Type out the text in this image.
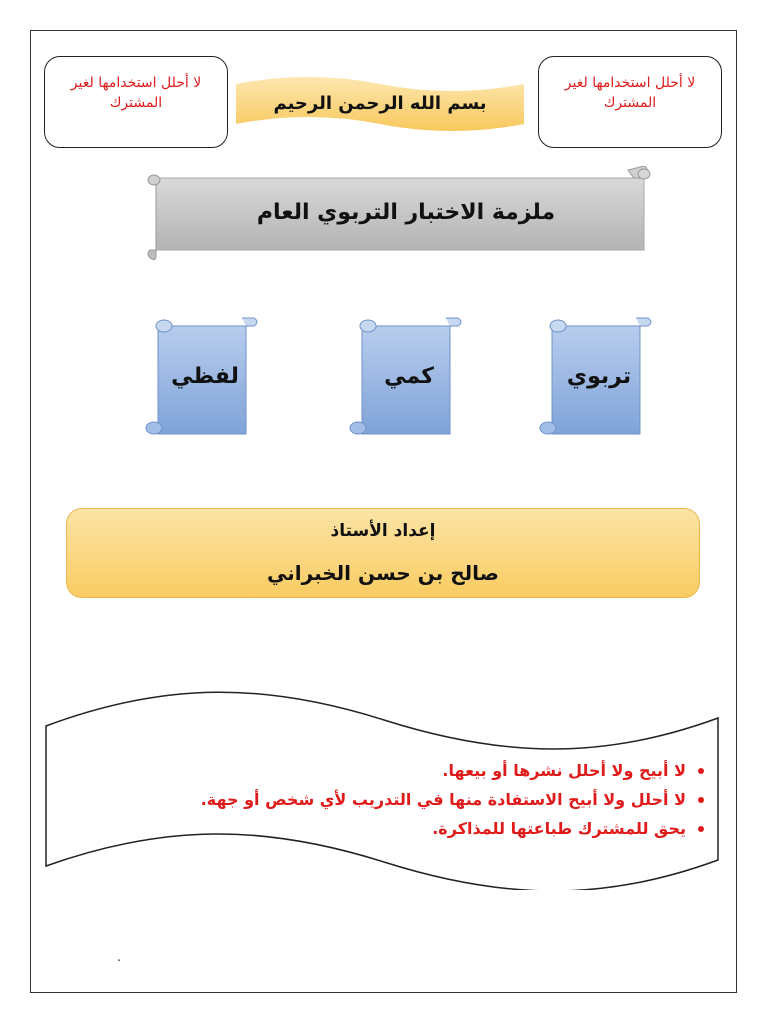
لا أحلل استخدامها لغير المشترك
لا أحلل استخدامها لغير المشترك
بسم الله الرحمن الرحيم
ملزمة الاختبار التربوي العام
لفظي	كمي	تربوي
إعداد الأستاذ
صالح بن حسن الخبراني
لا أبيح ولا أحلل نشرها أو بيعها.
لا أحلل ولا أبيح الاستفادة منها في التدريب لأي شخص أو جهة.
يحق للمشترك طباعتها للمذاكرة.
.
